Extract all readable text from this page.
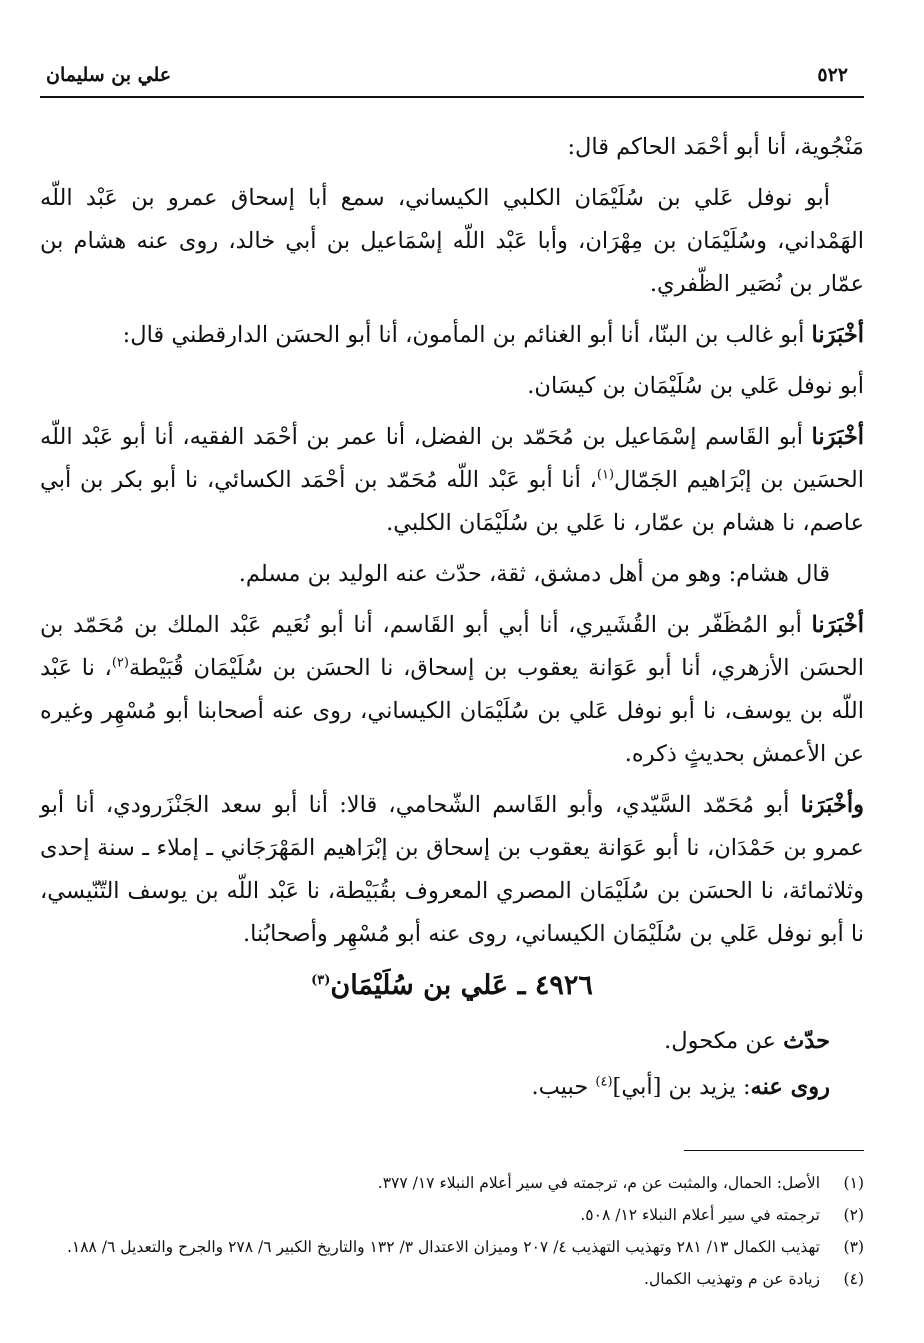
٥٢٢
علي بن سليمان

مَنْجُوية، أنا أبو أحْمَد الحاكم قال:

أبو نوفل عَلي بن سُلَيْمَان الكلبي الكيساني، سمع أبا إسحاق عمرو بن عَبْد اللّه الهَمْداني، وسُلَيْمَان بن مِهْرَان، وأبا عَبْد اللّه إسْمَاعيل بن أبي خالد، روى عنه هشام بن عمّار بن نُصَير الظّفري.

أخْبَرَنا أبو غالب بن البنّا، أنا أبو الغنائم بن المأمون، أنا أبو الحسَن الدارقطني قال:

أبو نوفل عَلي بن سُلَيْمَان بن كيسَان.

أخْبَرَنا أبو القَاسم إسْمَاعيل بن مُحَمّد بن الفضل، أنا عمر بن أحْمَد الفقيه، أنا أبو عَبْد اللّه الحسَين بن إبْرَاهيم الجَمّال$^{(١)}$، أنا أبو عَبْد اللّه مُحَمّد بن أحْمَد الكسائي، نا أبو بكر بن أبي عاصم، نا هشام بن عمّار، نا عَلي بن سُلَيْمَان الكلبي.

قال هشام: وهو من أهل دمشق، ثقة، حدّث عنه الوليد بن مسلم.

أخْبَرَنا أبو المُظَفّر بن القُشَيري، أنا أبي أبو القَاسم، أنا أبو نُعَيم عَبْد الملك بن مُحَمّد بن الحسَن الأزهري، أنا أبو عَوَانة يعقوب بن إسحاق، نا الحسَن بن سُلَيْمَان قُبَيْطة$^{(٢)}$، نا عَبْد اللّه بن يوسف، نا أبو نوفل عَلي بن سُلَيْمَان الكيساني، روى عنه أصحابنا أبو مُسْهِر وغيره عن الأعمش بحديثٍ ذكره.

وأخْبَرَنا أبو مُحَمّد السَّيّدي، وأبو القَاسم الشّحامي، قالا: أنا أبو سعد الجَنْزَرودي، أنا أبو عمرو بن حَمْدَان، نا أبو عَوَانة يعقوب بن إسحاق بن إبْرَاهيم المَهْرَجَاني ـ إملاء ـ سنة إحدى وثلاثمائة، نا الحسَن بن سُلَيْمَان المصري المعروف بقُبَيْطة، نا عَبْد اللّه بن يوسف التّنّيسي، نا أبو نوفل عَلي بن سُلَيْمَان الكيساني، روى عنه أبو مُسْهِر وأصحابُنا.

٤٩٢٦ ـ عَلي بن سُلَيْمَان$^{(٣)}$

حدّث عن مكحول.

روى عنه: يزيد بن [أبي]$^{(٤)}$ حبيب.

(١)
الأصل: الحمال، والمثبت عن م، ترجمته في سير أعلام النبلاء ١٧/ ٣٧٧.
(٢)
ترجمته في سير أعلام النبلاء ١٢/ ٥٠٨.
(٣)
تهذيب الكمال ١٣/ ٢٨١ وتهذيب التهذيب ٤/ ٢٠٧ وميزان الاعتدال ٣/ ١٣٢ والتاريخ الكبير ٦/ ٢٧٨ والجرح والتعديل ٦/ ١٨٨.
(٤)
زيادة عن م وتهذيب الكمال.
